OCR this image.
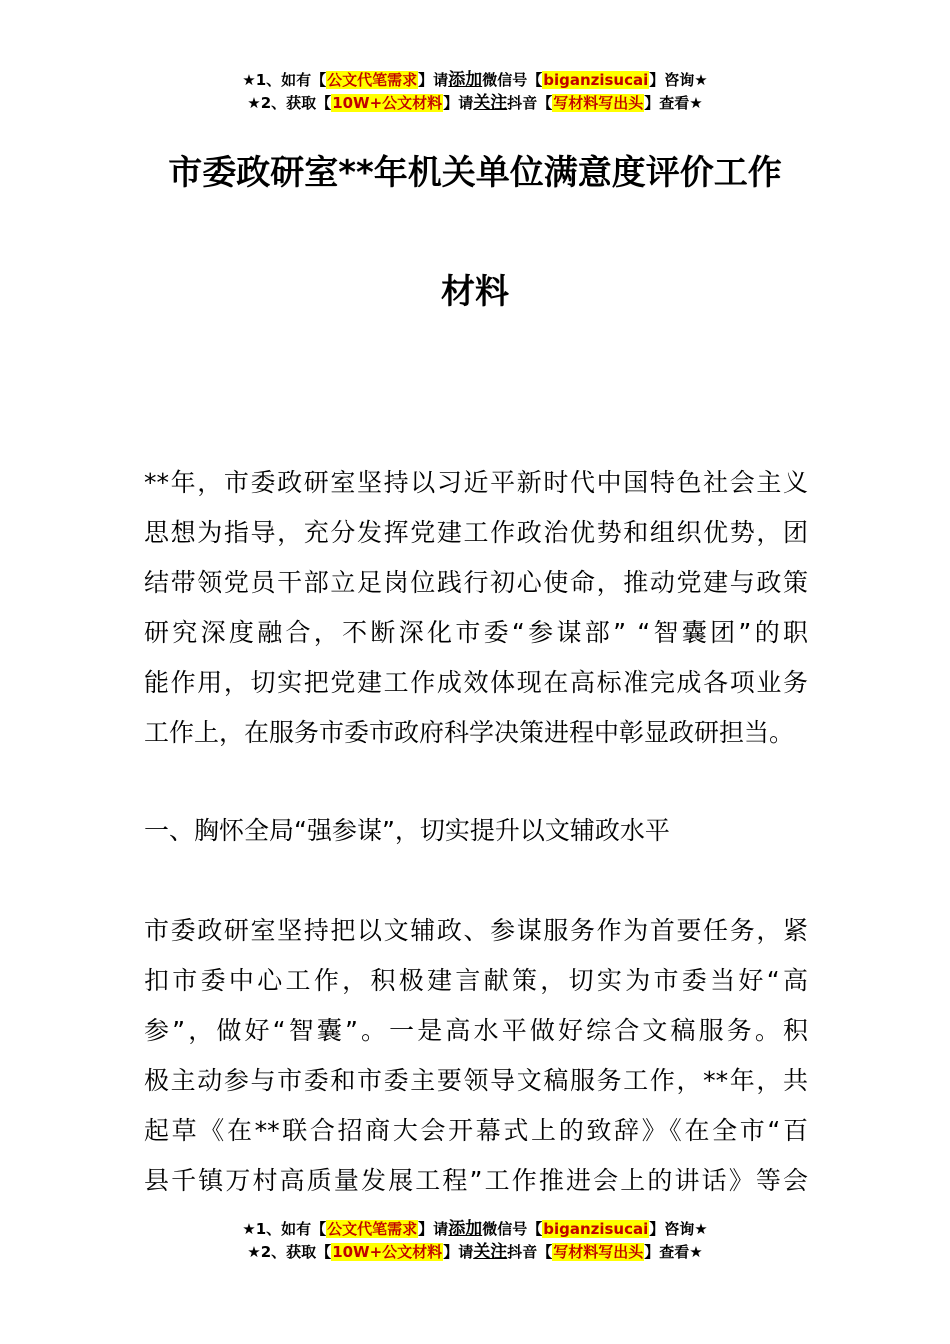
★1、如有【公文代笔需求】请添加微信号【biganzisucai】咨询★
★2、获取【10W+公文材料】请关注抖音【写材料写出头】查看★
市委政研室**年机关单位满意度评价工作
材料
**年，市委政研室坚持以习近平新时代中国特色社会主义
思想为指导，充分发挥党建工作政治优势和组织优势，团
结带领党员干部立足岗位践行初心使命，推动党建与政策
研究深度融合，不断深化市委“参谋部” “智囊团”的职
能作用，切实把党建工作成效体现在高标准完成各项业务
工作上，在服务市委市政府科学决策进程中彰显政研担当。
一、胸怀全局“强参谋”，切实提升以文辅政水平
市委政研室坚持把以文辅政、参谋服务作为首要任务，紧
扣市委中心工作，积极建言献策，切实为市委当好“高
参”，做好“智囊”。一是高水平做好综合文稿服务。积
极主动参与市委和市委主要领导文稿服务工作，**年，共
起草《在**联合招商大会开幕式上的致辞》《在全市“百
县千镇万村高质量发展工程”工作推进会上的讲话》等会
★1、如有【公文代笔需求】请添加微信号【biganzisucai】咨询★
★2、获取【10W+公文材料】请关注抖音【写材料写出头】查看★
